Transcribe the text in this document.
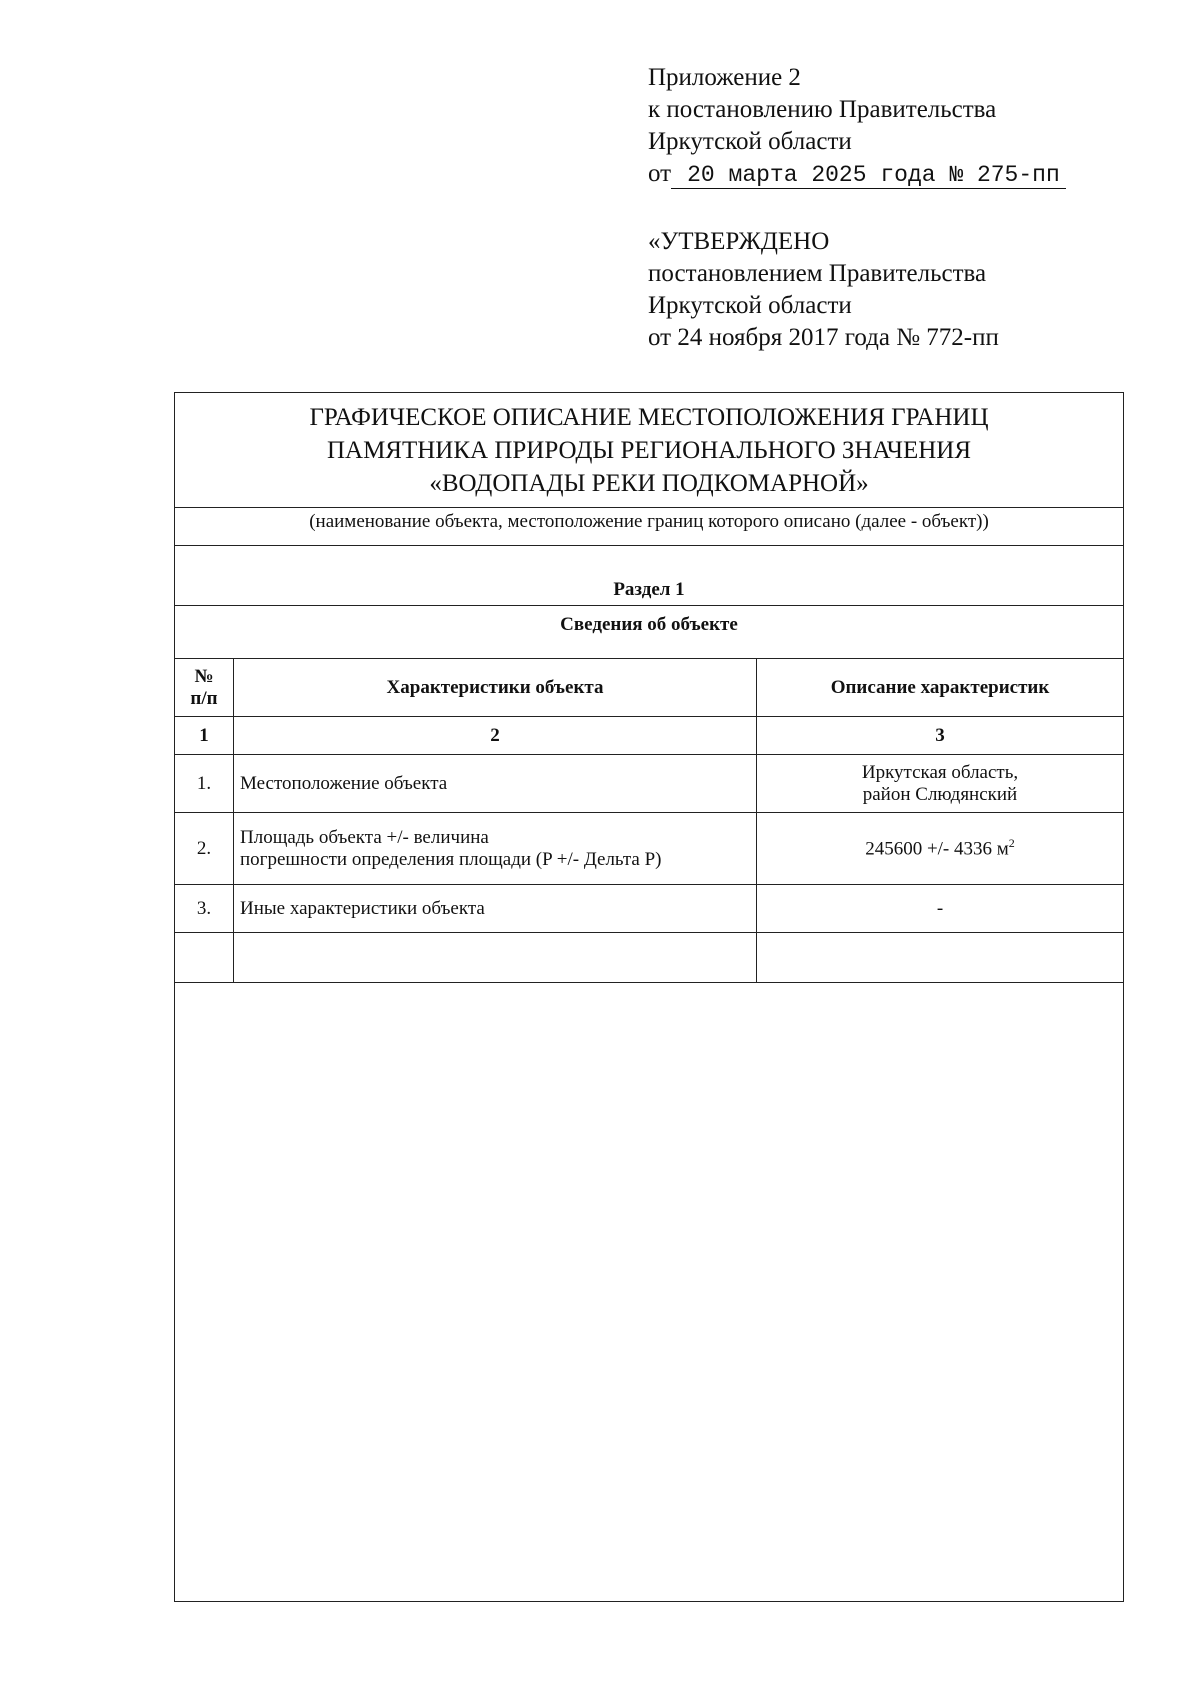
Приложение 2
к постановлению Правительства
Иркутской области
от 20 марта 2025 года № 275-пп
«УТВЕРЖДЕНО
постановлением Правительства
Иркутской области
от 24 ноября 2017 года № 772-пп
ГРАФИЧЕСКОЕ ОПИСАНИЕ МЕСТОПОЛОЖЕНИЯ ГРАНИЦ
ПАМЯТНИКА ПРИРОДЫ РЕГИОНАЛЬНОГО ЗНАЧЕНИЯ
«ВОДОПАДЫ РЕКИ ПОДКОМАРНОЙ»
(наименование объекта, местоположение границ которого описано (далее - объект))
Раздел 1
Сведения об объекте
№
п/п	Характеристики объекта	Описание характеристик
1	2	3
1.	Местоположение объекта	Иркутская область,
район Слюдянский

2.	Площадь объекта +/- величина
погрешности определения площади (P +/- Дельта P)	245600 +/- 4336 $м^2$
3.	Иные характеристики объекта	-
